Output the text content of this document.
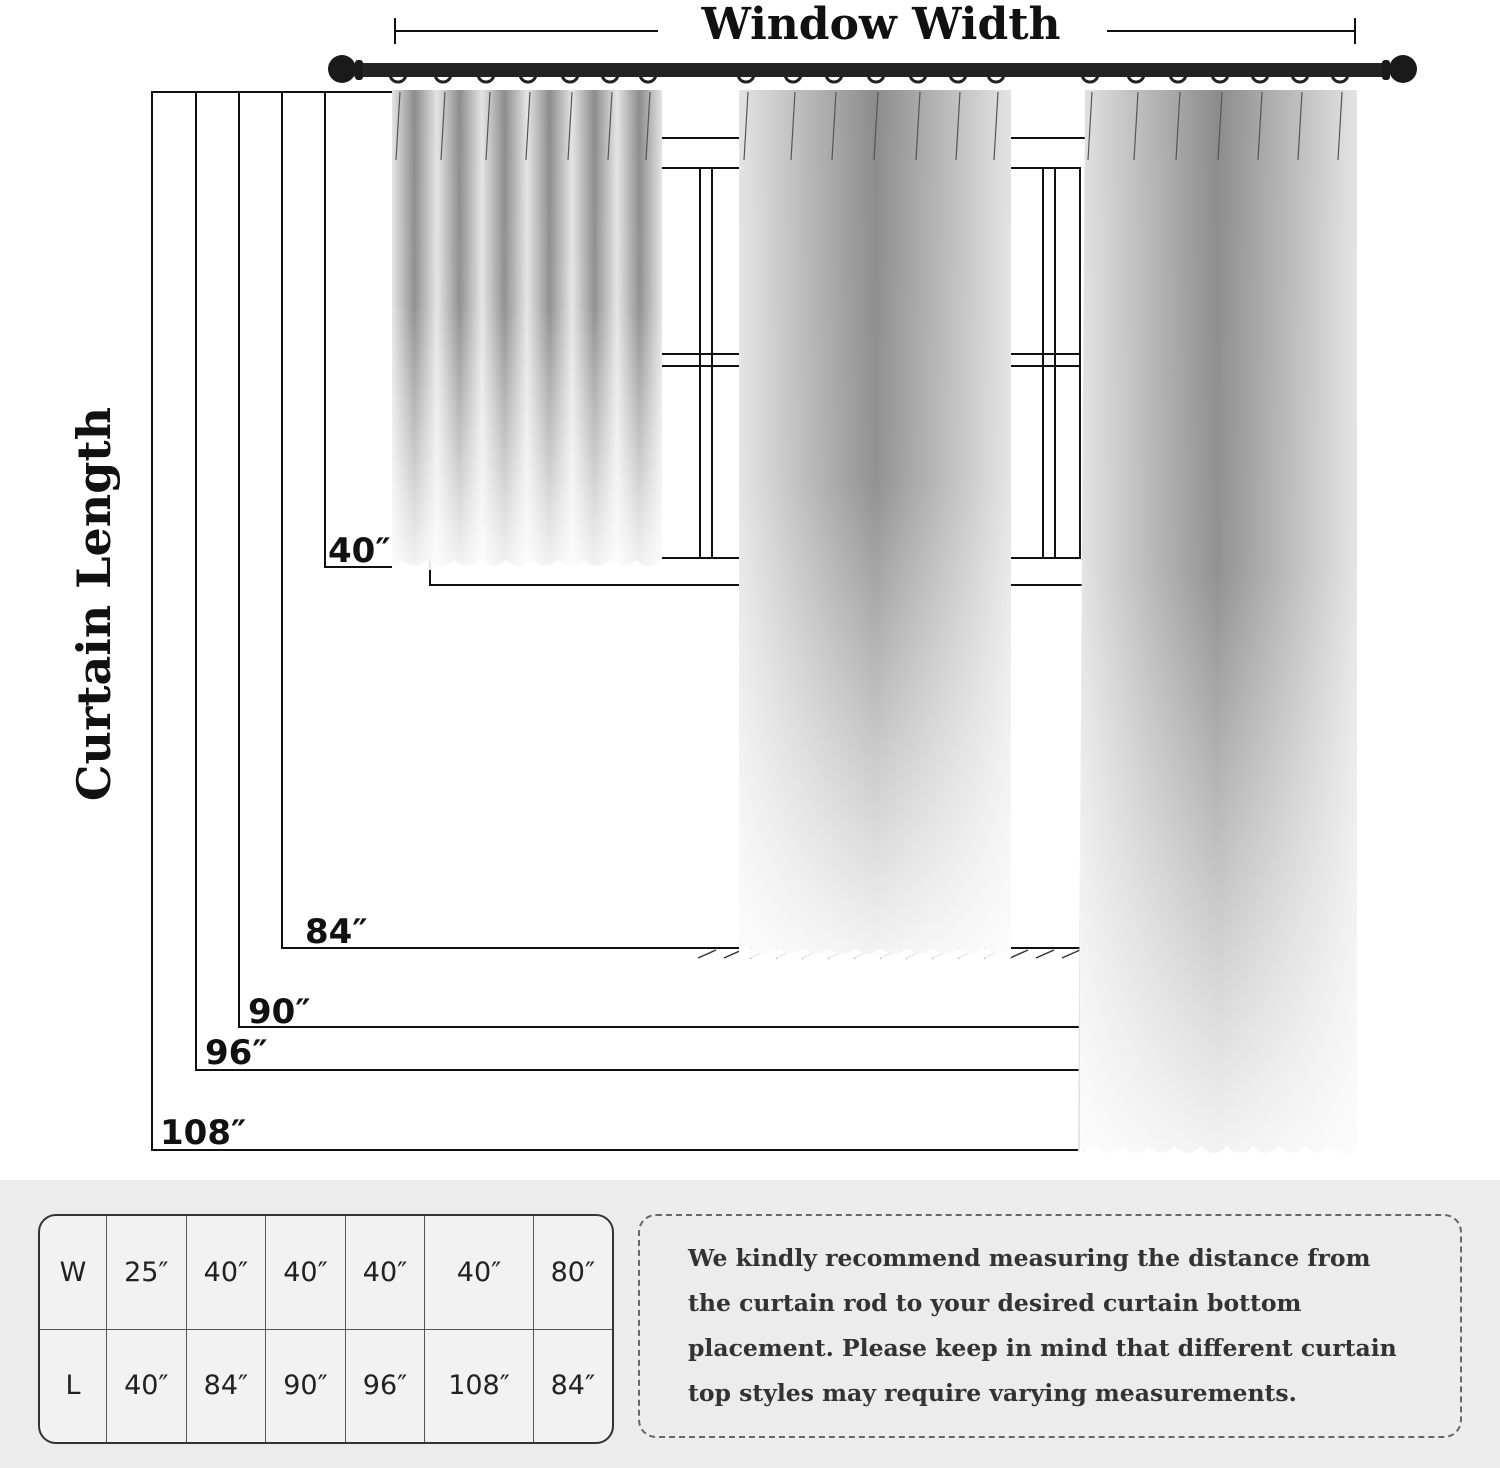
Window Width
Curtain Length	40″
84″
90″
96″
108″
W	25″	40″	40″	40″	40″	80″
L	40″	84″	90″	96″	108″	84″

We kindly recommend measuring the distance from the curtain rod to your desired curtain bottom placement. Please keep in mind that different curtain top styles may require varying measurements.
